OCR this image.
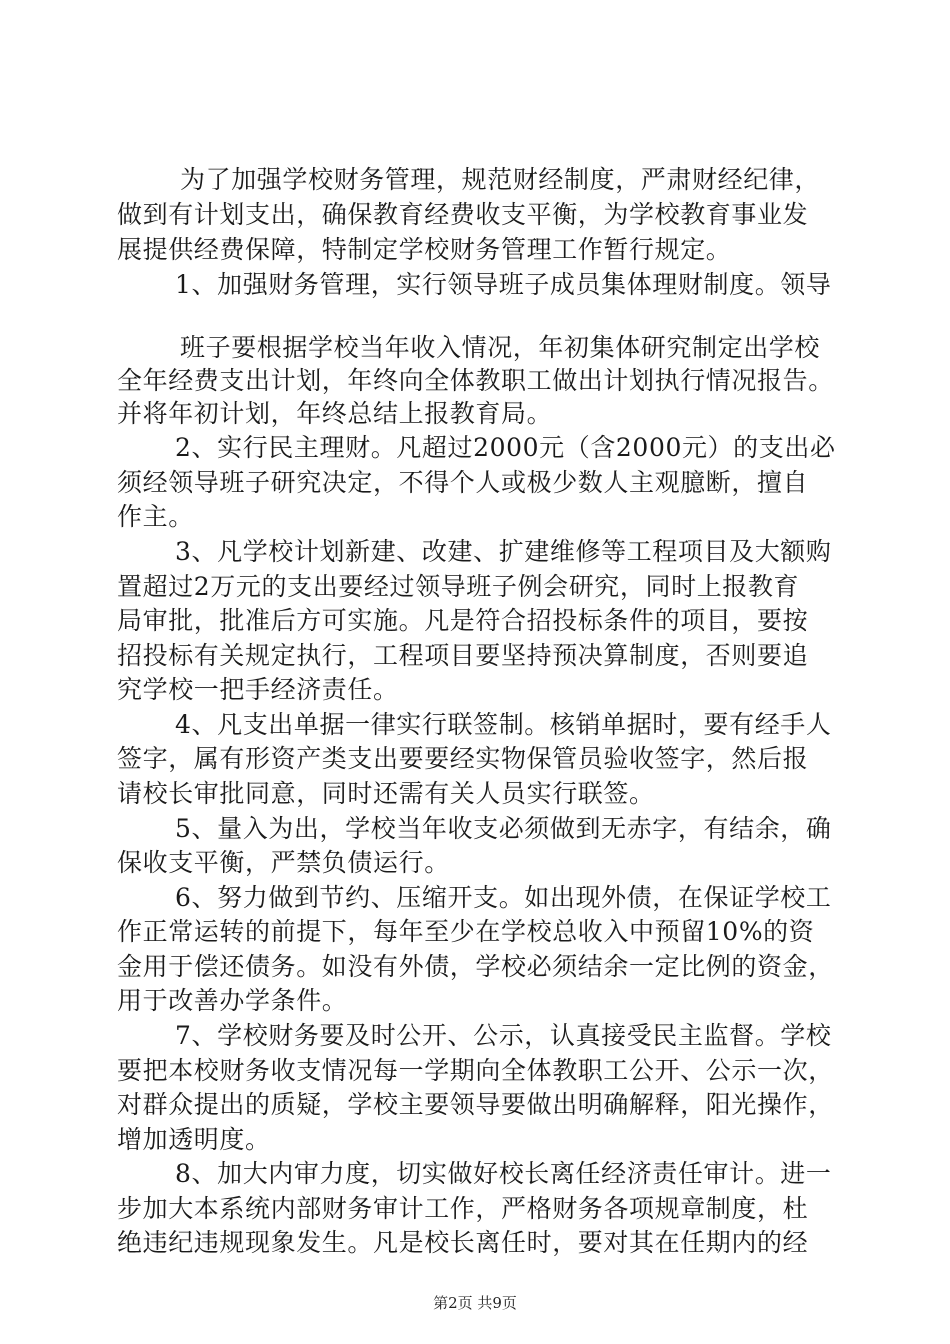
为了加强学校财务管理，规范财经制度，严肃财经纪律，
做到有计划支出，确保教育经费收支平衡，为学校教育事业发
展提供经费保障，特制定学校财务管理工作暂行规定。
1、加强财务管理，实行领导班子成员集体理财制度。领导
班子要根据学校当年收入情况，年初集体研究制定出学校
全年经费支出计划，年终向全体教职工做出计划执行情况报告。
并将年初计划，年终总结上报教育局。
2、实行民主理财。凡超过2000元（含2000元）的支出必
须经领导班子研究决定，不得个人或极少数人主观臆断，擅自
作主。
3、凡学校计划新建、改建、扩建维修等工程项目及大额购
置超过2万元的支出要经过领导班子例会研究，同时上报教育
局审批，批准后方可实施。凡是符合招投标条件的项目，要按
招投标有关规定执行，工程项目要坚持预决算制度，否则要追
究学校一把手经济责任。
4、凡支出单据一律实行联签制。核销单据时，要有经手人
签字，属有形资产类支出要要经实物保管员验收签字，然后报
请校长审批同意，同时还需有关人员实行联签。
5、量入为出，学校当年收支必须做到无赤字，有结余，确
保收支平衡，严禁负债运行。
6、努力做到节约、压缩开支。如出现外债，在保证学校工
作正常运转的前提下，每年至少在学校总收入中预留10%的资
金用于偿还债务。如没有外债，学校必须结余一定比例的资金，
用于改善办学条件。
7、学校财务要及时公开、公示，认真接受民主监督。学校
要把本校财务收支情况每一学期向全体教职工公开、公示一次，
对群众提出的质疑，学校主要领导要做出明确解释，阳光操作，
增加透明度。
8、加大内审力度，切实做好校长离任经济责任审计。进一
步加大本系统内部财务审计工作，严格财务各项规章制度，杜
绝违纪违规现象发生。凡是校长离任时，要对其在任期内的经
第2页 共9页
